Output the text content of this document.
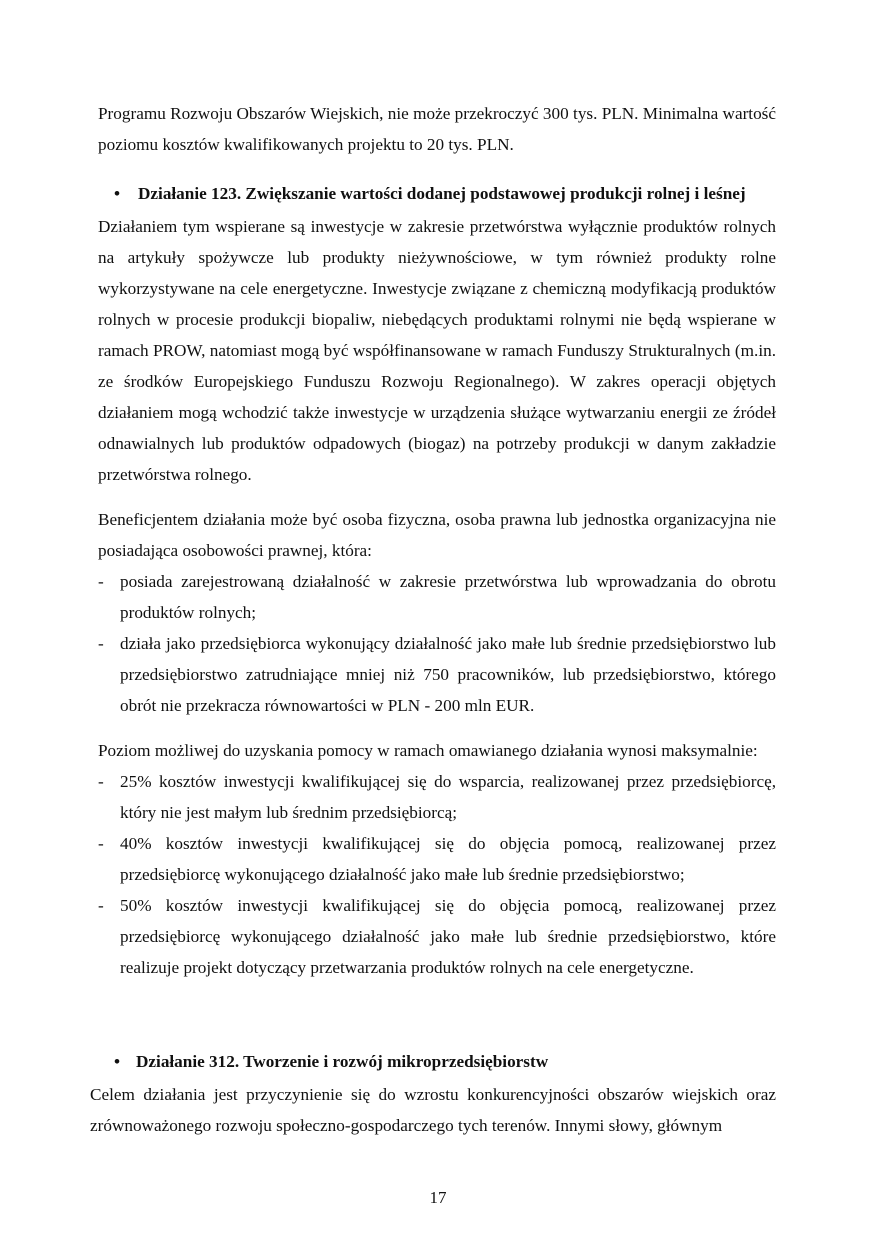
Programu Rozwoju Obszarów Wiejskich, nie może przekroczyć 300 tys. PLN. Minimalna wartość poziomu kosztów kwalifikowanych projektu to 20 tys. PLN.

• Działanie 123. Zwiększanie wartości dodanej podstawowej produkcji rolnej i leśnej

Działaniem tym wspierane są inwestycje w zakresie przetwórstwa wyłącznie produktów rolnych na artykuły spożywcze lub produkty nieżywnościowe, w tym również produkty rolne wykorzystywane na cele energetyczne. Inwestycje związane z chemiczną modyfikacją produktów rolnych w procesie produkcji biopaliw, niebędących produktami rolnymi nie będą wspierane w ramach PROW, natomiast mogą być współfinansowane w ramach Funduszy Strukturalnych (m.in. ze środków Europejskiego Funduszu Rozwoju Regionalnego). W zakres operacji objętych działaniem mogą wchodzić także inwestycje w urządzenia służące wytwarzaniu energii ze źródeł odnawialnych lub produktów odpadowych (biogaz) na potrzeby produkcji w danym zakładzie przetwórstwa rolnego.

Beneficjentem działania może być osoba fizyczna, osoba prawna lub jednostka organizacyjna nie posiadająca osobowości prawnej, która:

- posiada zarejestrowaną działalność w zakresie przetwórstwa lub wprowadzania do obrotu produktów rolnych;
- działa jako przedsiębiorca wykonujący działalność jako małe lub średnie przedsiębiorstwo lub przedsiębiorstwo zatrudniające mniej niż 750 pracowników, lub przedsiębiorstwo, którego obrót nie przekracza równowartości w PLN - 200 mln EUR.

Poziom możliwej do uzyskania pomocy w ramach omawianego działania wynosi maksymalnie:

- 25% kosztów inwestycji kwalifikującej się do wsparcia, realizowanej przez przedsiębiorcę, który nie jest małym lub średnim przedsiębiorcą;
- 40% kosztów inwestycji kwalifikującej się do objęcia pomocą, realizowanej przez przedsiębiorcę wykonującego działalność jako małe lub średnie przedsiębiorstwo;
- 50% kosztów inwestycji kwalifikującej się do objęcia pomocą, realizowanej przez przedsiębiorcę wykonującego działalność jako małe lub średnie przedsiębiorstwo, które realizuje projekt dotyczący przetwarzania produktów rolnych na cele energetyczne.
• Działanie 312. Tworzenie i rozwój mikroprzedsiębiorstw

Celem działania jest przyczynienie się do wzrostu konkurencyjności obszarów wiejskich oraz zrównoważonego rozwoju społeczno-gospodarczego tych terenów. Innymi słowy, głównym

17
